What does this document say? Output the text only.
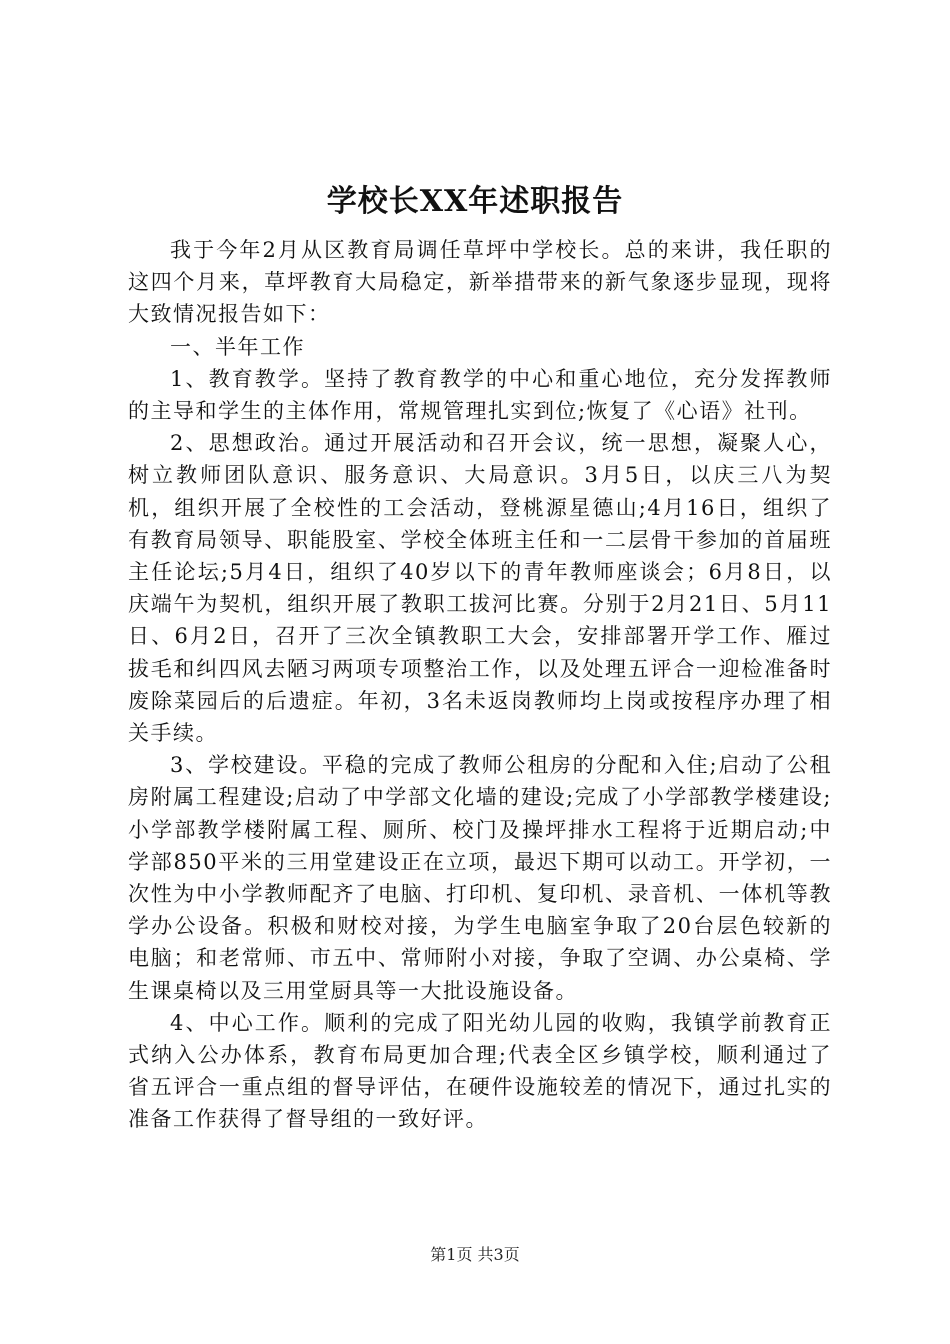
学校长XX年述职报告

我于今年2月从区教育局调任草坪中学校长。总的来讲，我任职的这四个月来，草坪教育大局稳定，新举措带来的新气象逐步显现，现将大致情况报告如下：

一、半年工作

1、教育教学。坚持了教育教学的中心和重心地位，充分发挥教师的主导和学生的主体作用，常规管理扎实到位;恢复了《心语》社刊。

2、思想政治。通过开展活动和召开会议，统一思想，凝聚人心，树立教师团队意识、服务意识、大局意识。3月5日，以庆三八为契机，组织开展了全校性的工会活动，登桃源星德山;4月16日，组织了有教育局领导、职能股室、学校全体班主任和一二层骨干参加的首届班主任论坛;5月4日，组织了40岁以下的青年教师座谈会；6月8日，以庆端午为契机，组织开展了教职工拔河比赛。分别于2月21日、5月11日、6月2日，召开了三次全镇教职工大会，安排部署开学工作、雁过拔毛和纠四风去陋习两项专项整治工作，以及处理五评合一迎检准备时废除菜园后的后遗症。年初，3名未返岗教师均上岗或按程序办理了相关手续。

3、学校建设。平稳的完成了教师公租房的分配和入住;启动了公租房附属工程建设;启动了中学部文化墙的建设;完成了小学部教学楼建设;小学部教学楼附属工程、厕所、校门及操坪排水工程将于近期启动;中学部850平米的三用堂建设正在立项，最迟下期可以动工。开学初，一次性为中小学教师配齐了电脑、打印机、复印机、录音机、一体机等教学办公设备。积极和财校对接，为学生电脑室争取了20台层色较新的电脑；和老常师、市五中、常师附小对接，争取了空调、办公桌椅、学生课桌椅以及三用堂厨具等一大批设施设备。

4、中心工作。顺利的完成了阳光幼儿园的收购，我镇学前教育正式纳入公办体系，教育布局更加合理;代表全区乡镇学校，顺利通过了省五评合一重点组的督导评估，在硬件设施较差的情况下，通过扎实的准备工作获得了督导组的一致好评。

第1页 共3页
